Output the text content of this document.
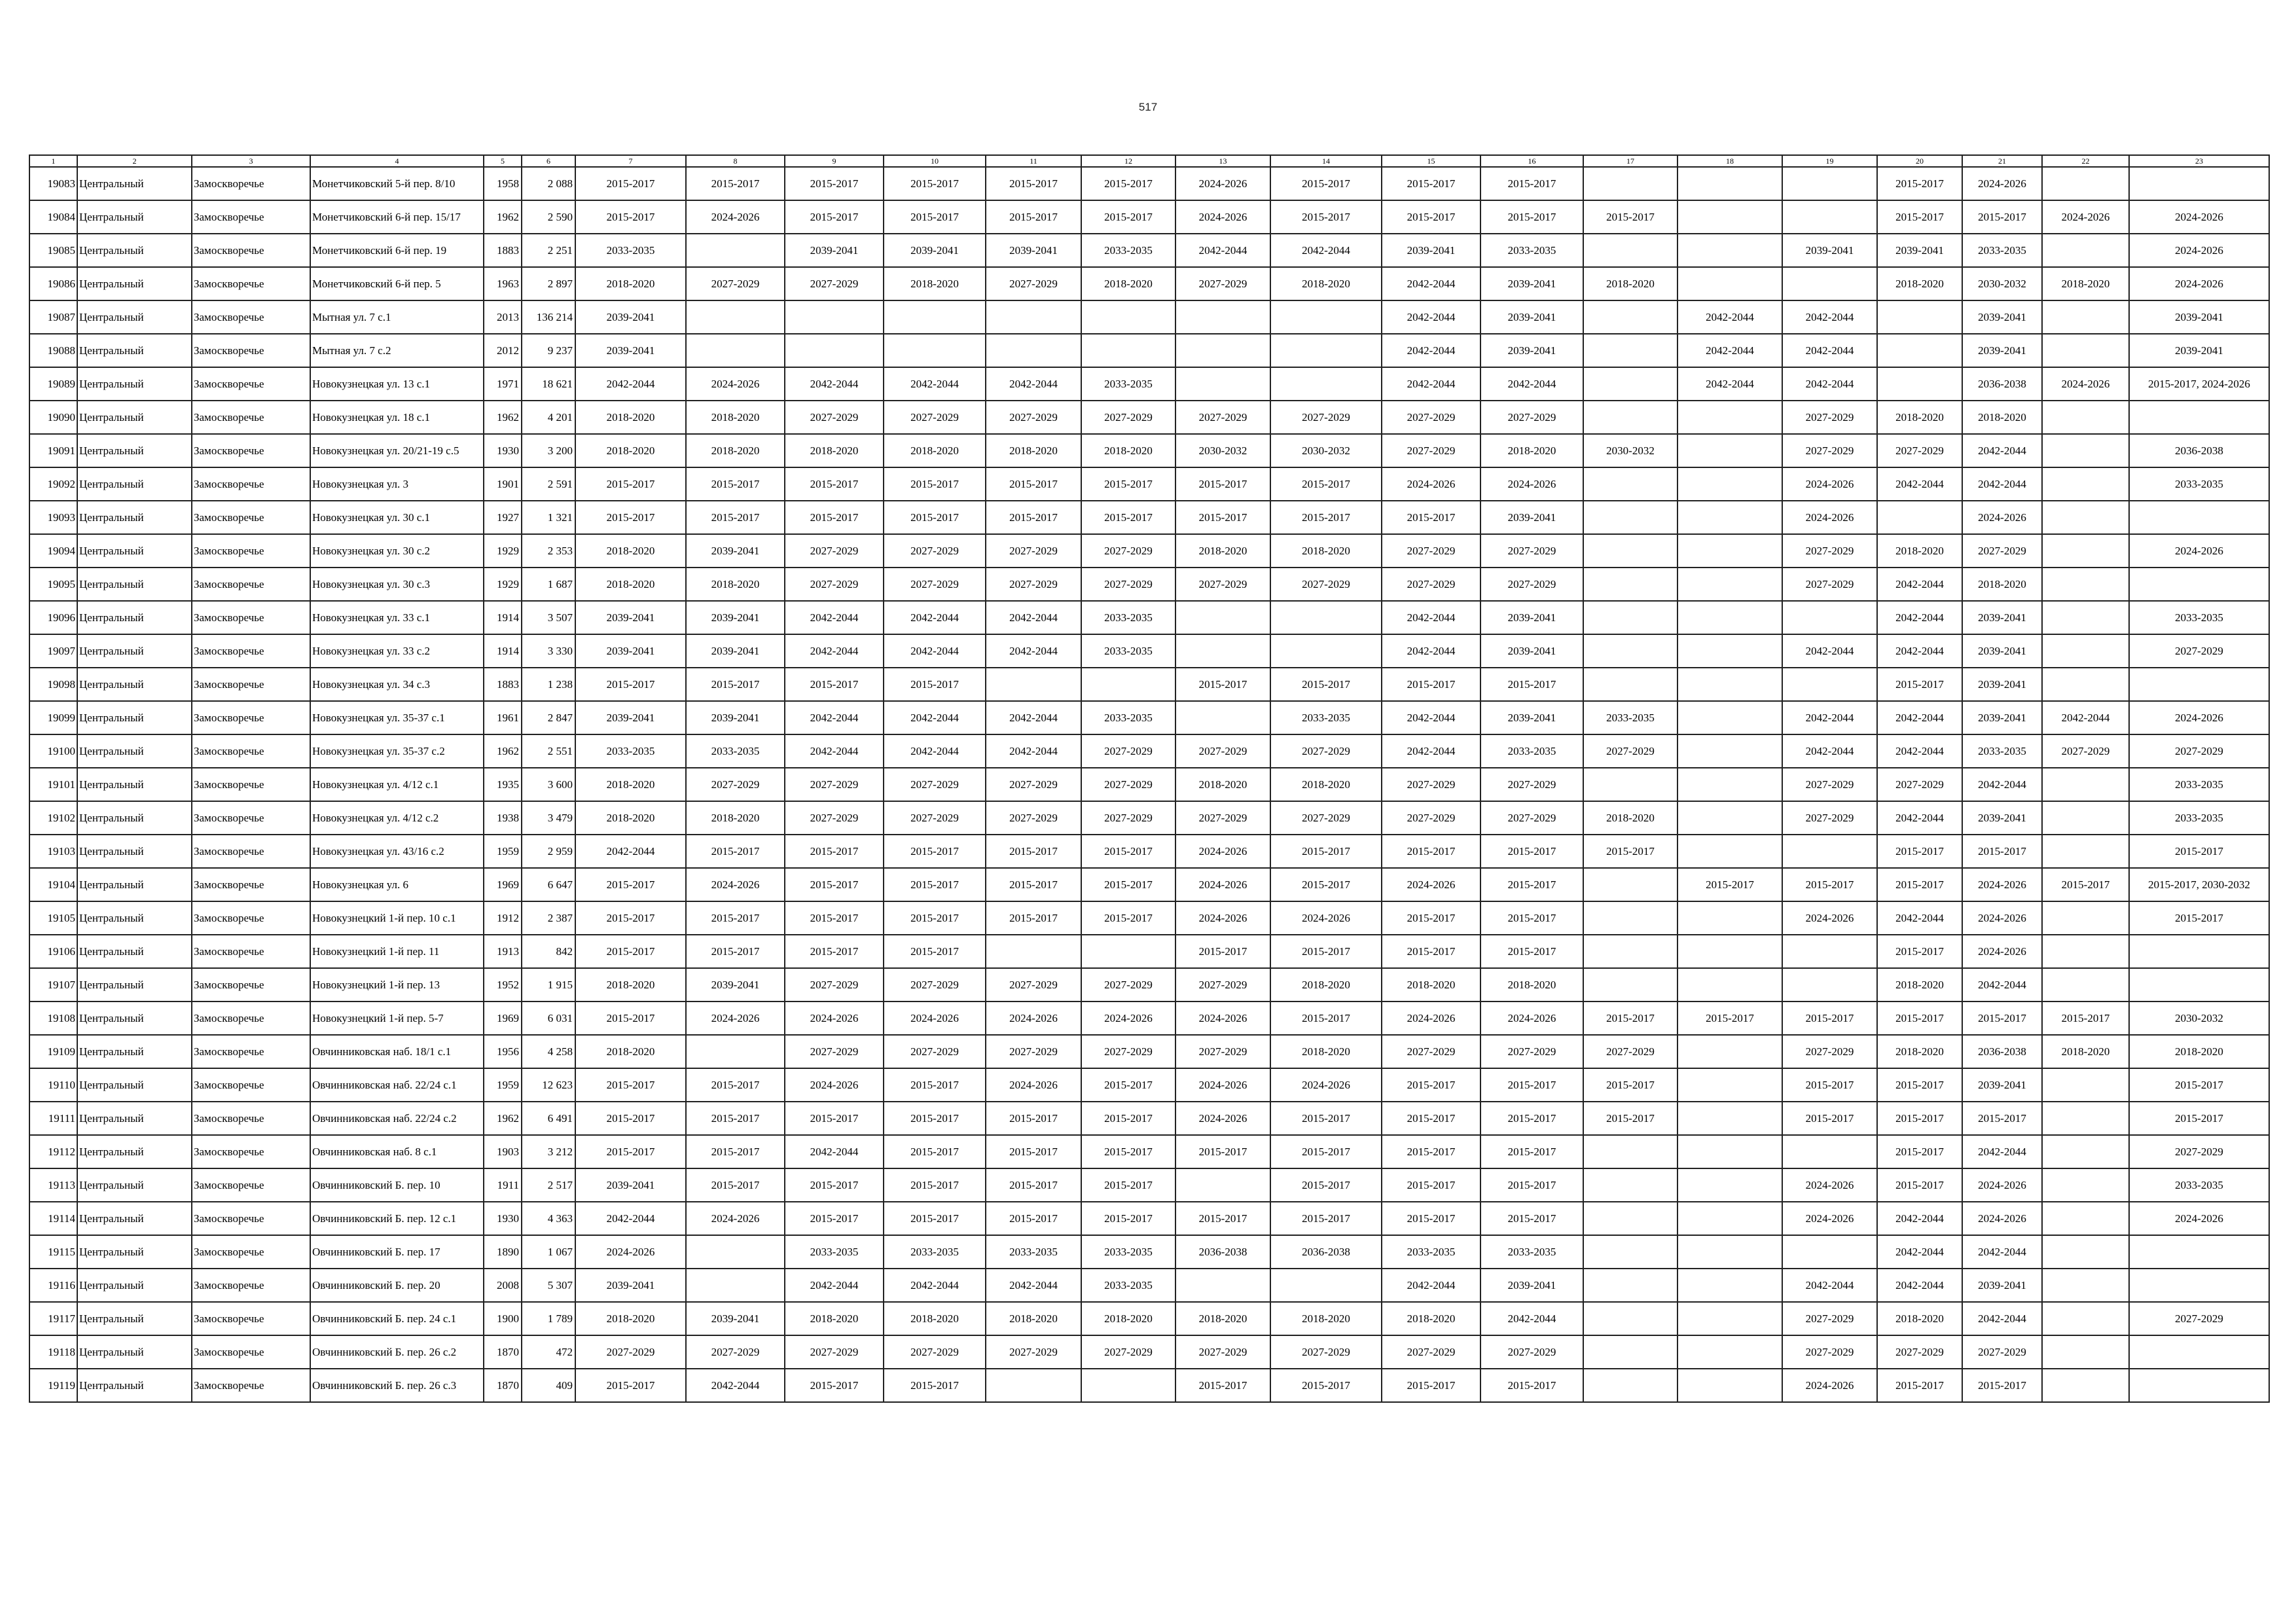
517
1	2	3	4	5	6	7	8	9	10	11	12	13	14	15	16	17	18	19	20	21	22	23
19083	Центральный	Замоскворечье	Монетчиковский 5-й пер. 8/10	1958	2 088	2015-2017	2015-2017	2015-2017	2015-2017	2015-2017	2015-2017	2024-2026	2015-2017	2015-2017	2015-2017				2015-2017	2024-2026		
19084	Центральный	Замоскворечье	Монетчиковский 6-й пер. 15/17	1962	2 590	2015-2017	2024-2026	2015-2017	2015-2017	2015-2017	2015-2017	2024-2026	2015-2017	2015-2017	2015-2017	2015-2017			2015-2017	2015-2017	2024-2026	2024-2026
19085	Центральный	Замоскворечье	Монетчиковский 6-й пер. 19	1883	2 251	2033-2035		2039-2041	2039-2041	2039-2041	2033-2035	2042-2044	2042-2044	2039-2041	2033-2035			2039-2041	2039-2041	2033-2035		2024-2026
19086	Центральный	Замоскворечье	Монетчиковский 6-й пер. 5	1963	2 897	2018-2020	2027-2029	2027-2029	2018-2020	2027-2029	2018-2020	2027-2029	2018-2020	2042-2044	2039-2041	2018-2020			2018-2020	2030-2032	2018-2020	2024-2026
19087	Центральный	Замоскворечье	Мытная ул. 7 с.1	2013	136 214	2039-2041								2042-2044	2039-2041		2042-2044	2042-2044		2039-2041		2039-2041
19088	Центральный	Замоскворечье	Мытная ул. 7 с.2	2012	9 237	2039-2041								2042-2044	2039-2041		2042-2044	2042-2044		2039-2041		2039-2041
19089	Центральный	Замоскворечье	Новокузнецкая ул. 13 с.1	1971	18 621	2042-2044	2024-2026	2042-2044	2042-2044	2042-2044	2033-2035			2042-2044	2042-2044		2042-2044	2042-2044		2036-2038	2024-2026	2015-2017, 2024-2026
19090	Центральный	Замоскворечье	Новокузнецкая ул. 18 с.1	1962	4 201	2018-2020	2018-2020	2027-2029	2027-2029	2027-2029	2027-2029	2027-2029	2027-2029	2027-2029	2027-2029			2027-2029	2018-2020	2018-2020		
19091	Центральный	Замоскворечье	Новокузнецкая ул. 20/21-19 с.5	1930	3 200	2018-2020	2018-2020	2018-2020	2018-2020	2018-2020	2018-2020	2030-2032	2030-2032	2027-2029	2018-2020	2030-2032		2027-2029	2027-2029	2042-2044		2036-2038
19092	Центральный	Замоскворечье	Новокузнецкая ул. 3	1901	2 591	2015-2017	2015-2017	2015-2017	2015-2017	2015-2017	2015-2017	2015-2017	2015-2017	2024-2026	2024-2026			2024-2026	2042-2044	2042-2044		2033-2035
19093	Центральный	Замоскворечье	Новокузнецкая ул. 30 с.1	1927	1 321	2015-2017	2015-2017	2015-2017	2015-2017	2015-2017	2015-2017	2015-2017	2015-2017	2015-2017	2039-2041			2024-2026		2024-2026		
19094	Центральный	Замоскворечье	Новокузнецкая ул. 30 с.2	1929	2 353	2018-2020	2039-2041	2027-2029	2027-2029	2027-2029	2027-2029	2018-2020	2018-2020	2027-2029	2027-2029			2027-2029	2018-2020	2027-2029		2024-2026
19095	Центральный	Замоскворечье	Новокузнецкая ул. 30 с.3	1929	1 687	2018-2020	2018-2020	2027-2029	2027-2029	2027-2029	2027-2029	2027-2029	2027-2029	2027-2029	2027-2029			2027-2029	2042-2044	2018-2020		
19096	Центральный	Замоскворечье	Новокузнецкая ул. 33 с.1	1914	3 507	2039-2041	2039-2041	2042-2044	2042-2044	2042-2044	2033-2035			2042-2044	2039-2041				2042-2044	2039-2041		2033-2035
19097	Центральный	Замоскворечье	Новокузнецкая ул. 33 с.2	1914	3 330	2039-2041	2039-2041	2042-2044	2042-2044	2042-2044	2033-2035			2042-2044	2039-2041			2042-2044	2042-2044	2039-2041		2027-2029
19098	Центральный	Замоскворечье	Новокузнецкая ул. 34 с.3	1883	1 238	2015-2017	2015-2017	2015-2017	2015-2017			2015-2017	2015-2017	2015-2017	2015-2017				2015-2017	2039-2041		
19099	Центральный	Замоскворечье	Новокузнецкая ул. 35-37 с.1	1961	2 847	2039-2041	2039-2041	2042-2044	2042-2044	2042-2044	2033-2035		2033-2035	2042-2044	2039-2041	2033-2035		2042-2044	2042-2044	2039-2041	2042-2044	2024-2026
19100	Центральный	Замоскворечье	Новокузнецкая ул. 35-37 с.2	1962	2 551	2033-2035	2033-2035	2042-2044	2042-2044	2042-2044	2027-2029	2027-2029	2027-2029	2042-2044	2033-2035	2027-2029		2042-2044	2042-2044	2033-2035	2027-2029	2027-2029
19101	Центральный	Замоскворечье	Новокузнецкая ул. 4/12 с.1	1935	3 600	2018-2020	2027-2029	2027-2029	2027-2029	2027-2029	2027-2029	2018-2020	2018-2020	2027-2029	2027-2029			2027-2029	2027-2029	2042-2044		2033-2035
19102	Центральный	Замоскворечье	Новокузнецкая ул. 4/12 с.2	1938	3 479	2018-2020	2018-2020	2027-2029	2027-2029	2027-2029	2027-2029	2027-2029	2027-2029	2027-2029	2027-2029	2018-2020		2027-2029	2042-2044	2039-2041		2033-2035
19103	Центральный	Замоскворечье	Новокузнецкая ул. 43/16 с.2	1959	2 959	2042-2044	2015-2017	2015-2017	2015-2017	2015-2017	2015-2017	2024-2026	2015-2017	2015-2017	2015-2017	2015-2017			2015-2017	2015-2017		2015-2017
19104	Центральный	Замоскворечье	Новокузнецкая ул. 6	1969	6 647	2015-2017	2024-2026	2015-2017	2015-2017	2015-2017	2015-2017	2024-2026	2015-2017	2024-2026	2015-2017		2015-2017	2015-2017	2015-2017	2024-2026	2015-2017	2015-2017, 2030-2032
19105	Центральный	Замоскворечье	Новокузнецкий 1-й пер. 10 с.1	1912	2 387	2015-2017	2015-2017	2015-2017	2015-2017	2015-2017	2015-2017	2024-2026	2024-2026	2015-2017	2015-2017			2024-2026	2042-2044	2024-2026		2015-2017
19106	Центральный	Замоскворечье	Новокузнецкий 1-й пер. 11	1913	842	2015-2017	2015-2017	2015-2017	2015-2017			2015-2017	2015-2017	2015-2017	2015-2017				2015-2017	2024-2026		
19107	Центральный	Замоскворечье	Новокузнецкий 1-й пер. 13	1952	1 915	2018-2020	2039-2041	2027-2029	2027-2029	2027-2029	2027-2029	2027-2029	2018-2020	2018-2020	2018-2020				2018-2020	2042-2044		
19108	Центральный	Замоскворечье	Новокузнецкий 1-й пер. 5-7	1969	6 031	2015-2017	2024-2026	2024-2026	2024-2026	2024-2026	2024-2026	2024-2026	2015-2017	2024-2026	2024-2026	2015-2017	2015-2017	2015-2017	2015-2017	2015-2017	2015-2017	2030-2032
19109	Центральный	Замоскворечье	Овчинниковская наб. 18/1 с.1	1956	4 258	2018-2020		2027-2029	2027-2029	2027-2029	2027-2029	2027-2029	2018-2020	2027-2029	2027-2029	2027-2029		2027-2029	2018-2020	2036-2038	2018-2020	2018-2020
19110	Центральный	Замоскворечье	Овчинниковская наб. 22/24 с.1	1959	12 623	2015-2017	2015-2017	2024-2026	2015-2017	2024-2026	2015-2017	2024-2026	2024-2026	2015-2017	2015-2017	2015-2017		2015-2017	2015-2017	2039-2041		2015-2017
19111	Центральный	Замоскворечье	Овчинниковская наб. 22/24 с.2	1962	6 491	2015-2017	2015-2017	2015-2017	2015-2017	2015-2017	2015-2017	2024-2026	2015-2017	2015-2017	2015-2017	2015-2017		2015-2017	2015-2017	2015-2017		2015-2017
19112	Центральный	Замоскворечье	Овчинниковская наб. 8 с.1	1903	3 212	2015-2017	2015-2017	2042-2044	2015-2017	2015-2017	2015-2017	2015-2017	2015-2017	2015-2017	2015-2017				2015-2017	2042-2044		2027-2029
19113	Центральный	Замоскворечье	Овчинниковский Б. пер. 10	1911	2 517	2039-2041	2015-2017	2015-2017	2015-2017	2015-2017	2015-2017		2015-2017	2015-2017	2015-2017			2024-2026	2015-2017	2024-2026		2033-2035
19114	Центральный	Замоскворечье	Овчинниковский Б. пер. 12 с.1	1930	4 363	2042-2044	2024-2026	2015-2017	2015-2017	2015-2017	2015-2017	2015-2017	2015-2017	2015-2017	2015-2017			2024-2026	2042-2044	2024-2026		2024-2026
19115	Центральный	Замоскворечье	Овчинниковский Б. пер. 17	1890	1 067	2024-2026		2033-2035	2033-2035	2033-2035	2033-2035	2036-2038	2036-2038	2033-2035	2033-2035				2042-2044	2042-2044		
19116	Центральный	Замоскворечье	Овчинниковский Б. пер. 20	2008	5 307	2039-2041		2042-2044	2042-2044	2042-2044	2033-2035			2042-2044	2039-2041			2042-2044	2042-2044	2039-2041		
19117	Центральный	Замоскворечье	Овчинниковский Б. пер. 24 с.1	1900	1 789	2018-2020	2039-2041	2018-2020	2018-2020	2018-2020	2018-2020	2018-2020	2018-2020	2018-2020	2042-2044			2027-2029	2018-2020	2042-2044		2027-2029
19118	Центральный	Замоскворечье	Овчинниковский Б. пер. 26 с.2	1870	472	2027-2029	2027-2029	2027-2029	2027-2029	2027-2029	2027-2029	2027-2029	2027-2029	2027-2029	2027-2029			2027-2029	2027-2029	2027-2029		
19119	Центральный	Замоскворечье	Овчинниковский Б. пер. 26 с.3	1870	409	2015-2017	2042-2044	2015-2017	2015-2017			2015-2017	2015-2017	2015-2017	2015-2017			2024-2026	2015-2017	2015-2017		
